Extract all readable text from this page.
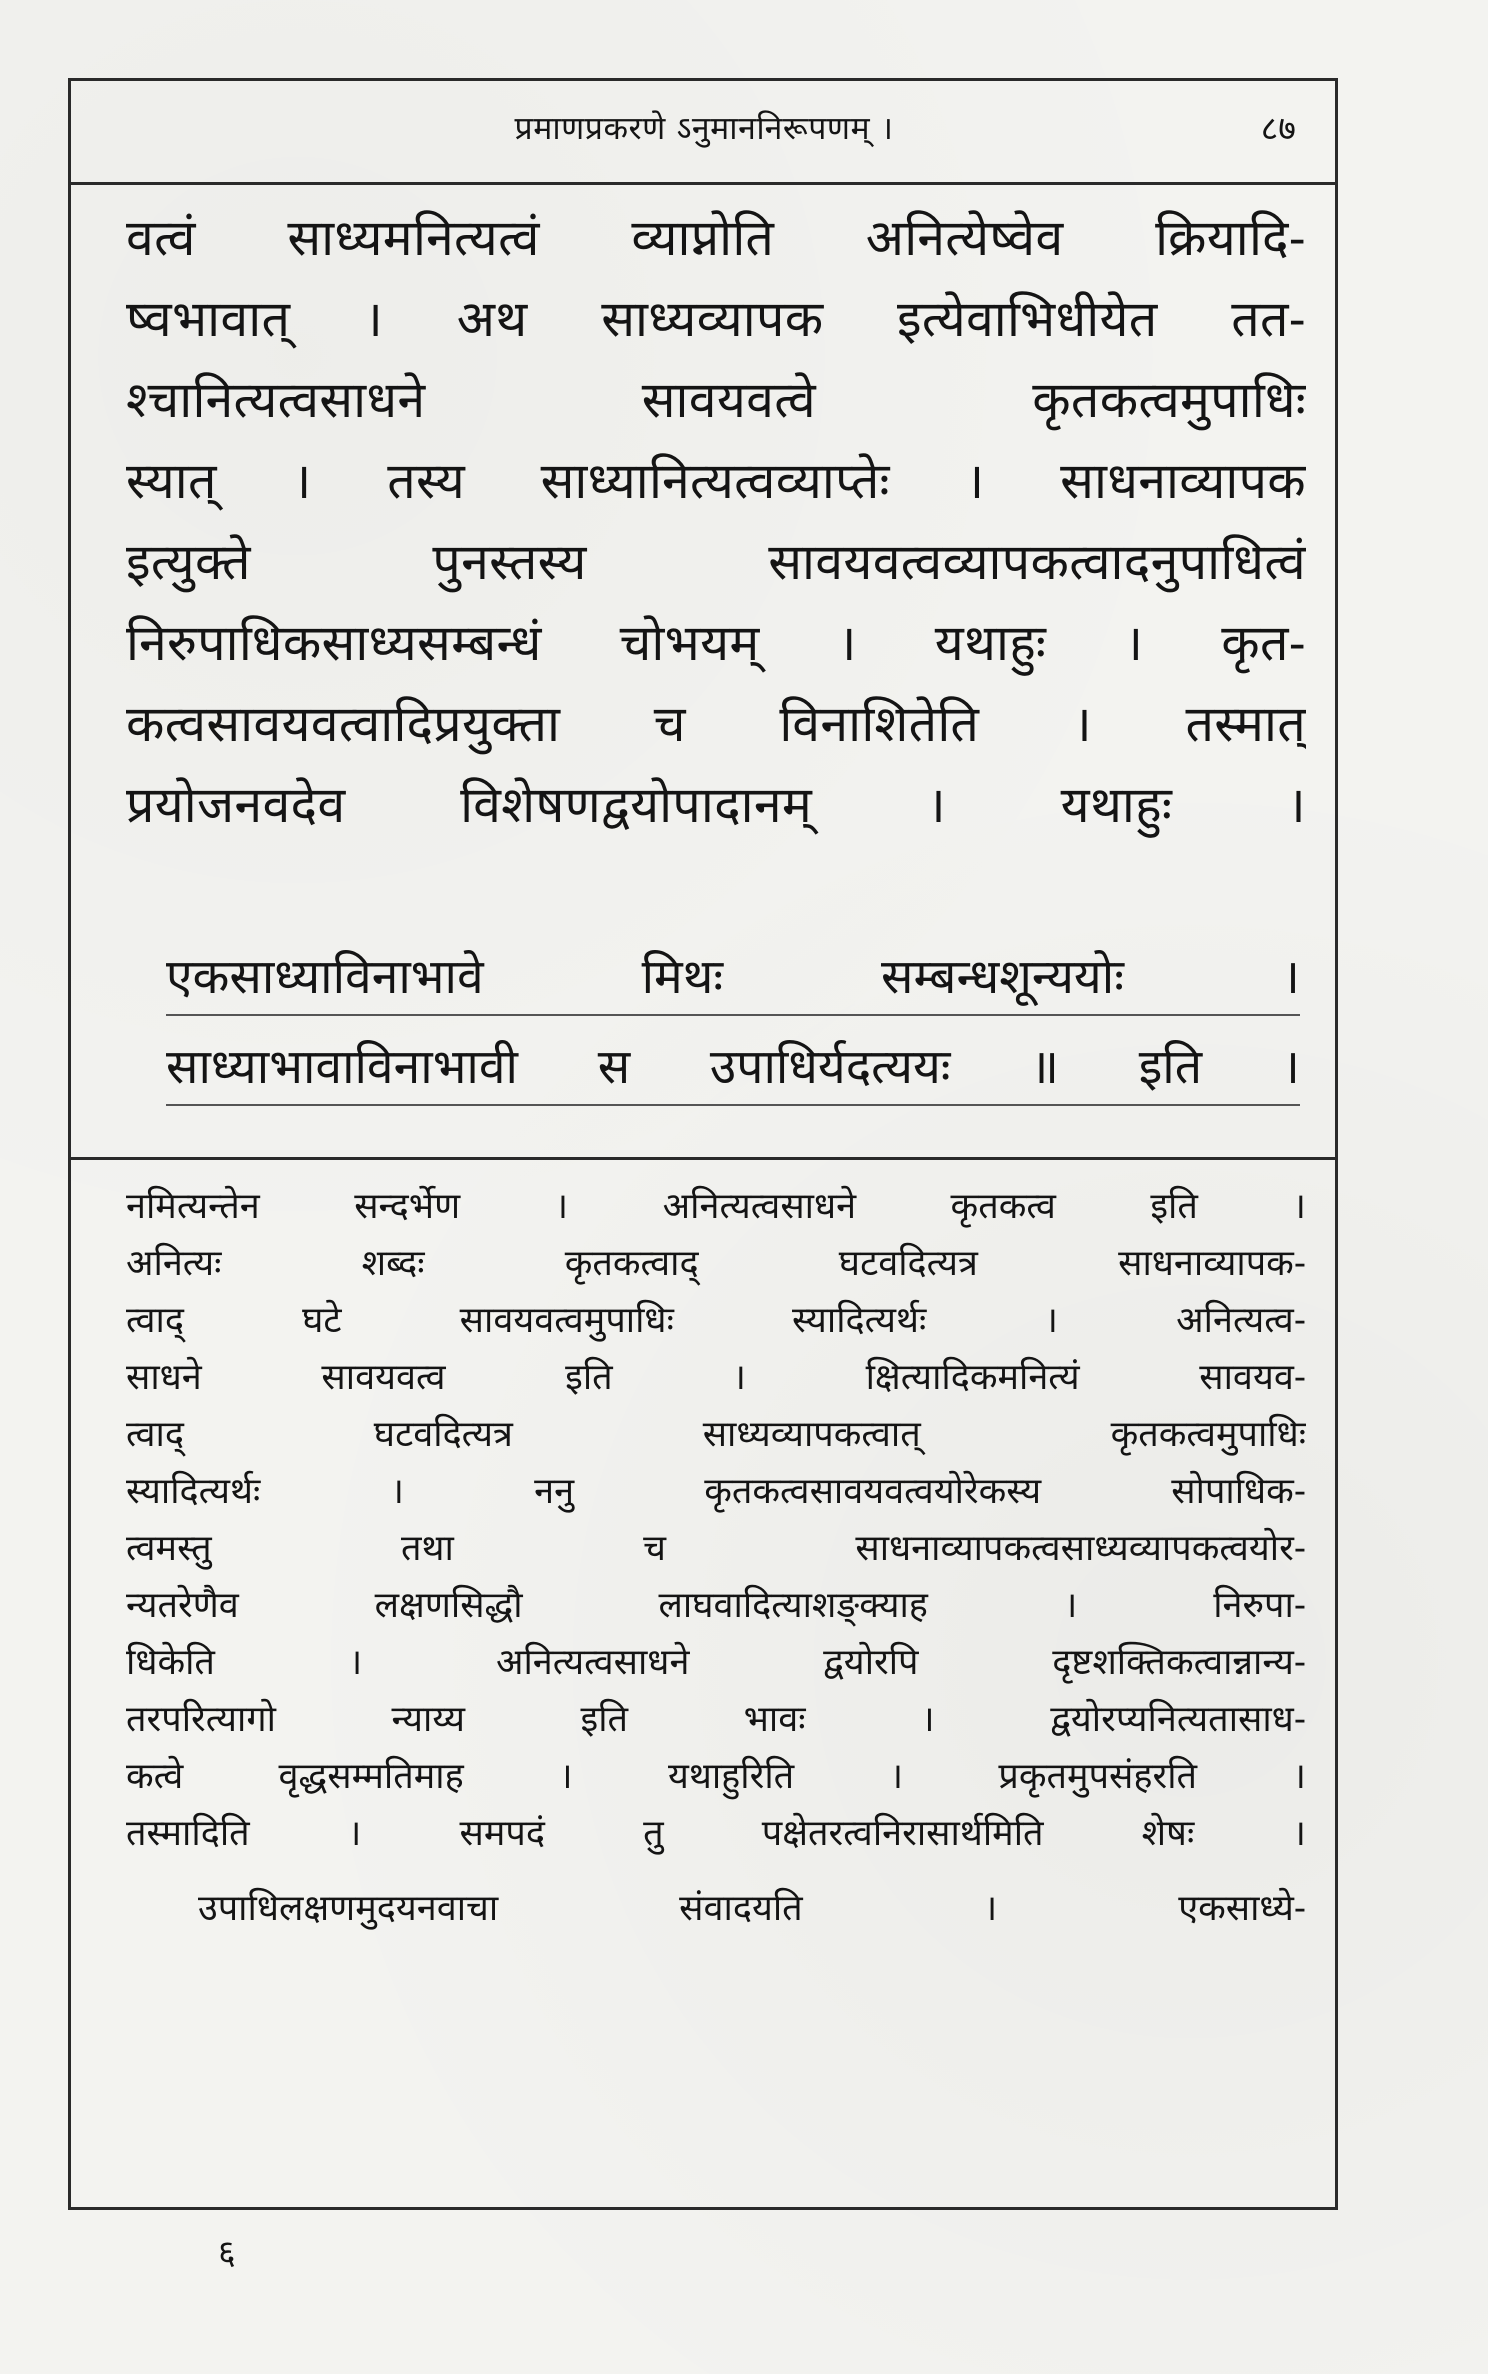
प्रमाणप्रकरणे ऽनुमाननिरूपणम् ।	८७
वत्वं साध्यमनित्यत्वं व्याप्नोति अनित्येष्वेव क्रियादि-
ष्वभावात् । अथ साध्यव्यापक इत्येवाभिधीयेत तत-
श्चानित्यत्वसाधने सावयवत्वे कृतकत्वमुपाधिः
स्यात् । तस्य साध्यानित्यत्वव्याप्तेः । साधनाव्यापक
इत्युक्ते पुनस्तस्य सावयवत्वव्यापकत्वादनुपाधित्वं
निरुपाधिकसाध्यसम्बन्धं चोभयम् । यथाहुः । कृत-
कत्वसावयवत्वादिप्रयुक्ता च विनाशितेति । तस्मात्
प्रयोजनवदेव विशेषणद्वयोपादानम् । यथाहुः ।
एकसाध्याविनाभावे मिथः सम्बन्धशून्ययोः ।
साध्याभावाविनाभावी स उपाधिर्यदत्ययः ॥ इति ।
नमित्यन्तेन सन्दर्भेण । अनित्यत्वसाधने कृतकत्व इति ।
अनित्यः शब्दः कृतकत्वाद् घटवदित्यत्र साधनाव्यापक-
त्वाद् घटे सावयवत्वमुपाधिः स्यादित्यर्थः । अनित्यत्व-
साधने सावयवत्व इति । क्षित्यादिकमनित्यं सावयव-
त्वाद् घटवदित्यत्र साध्यव्यापकत्वात् कृतकत्वमुपाधिः
स्यादित्यर्थः । ननु कृतकत्वसावयवत्वयोरेकस्य सोपाधिक-
त्वमस्तु तथा च साधनाव्यापकत्वसाध्यव्यापकत्वयोर-
न्यतरेणैव लक्षणसिद्धौ लाघवादित्याशङ्क्याह । निरुपा-
धिकेति । अनित्यत्वसाधने द्वयोरपि दृष्टशक्तिकत्वान्नान्य-
तरपरित्यागो न्याय्य इति भावः । द्वयोरप्यनित्यतासाध-
कत्वे वृद्धसम्मतिमाह । यथाहुरिति । प्रकृतमुपसंहरति ।
तस्मादिति । समपदं तु पक्षेतरत्वनिरासार्थमिति शेषः ।
उपाधिलक्षणमुदयनवाचा संवादयति । एकसाध्ये-
६
